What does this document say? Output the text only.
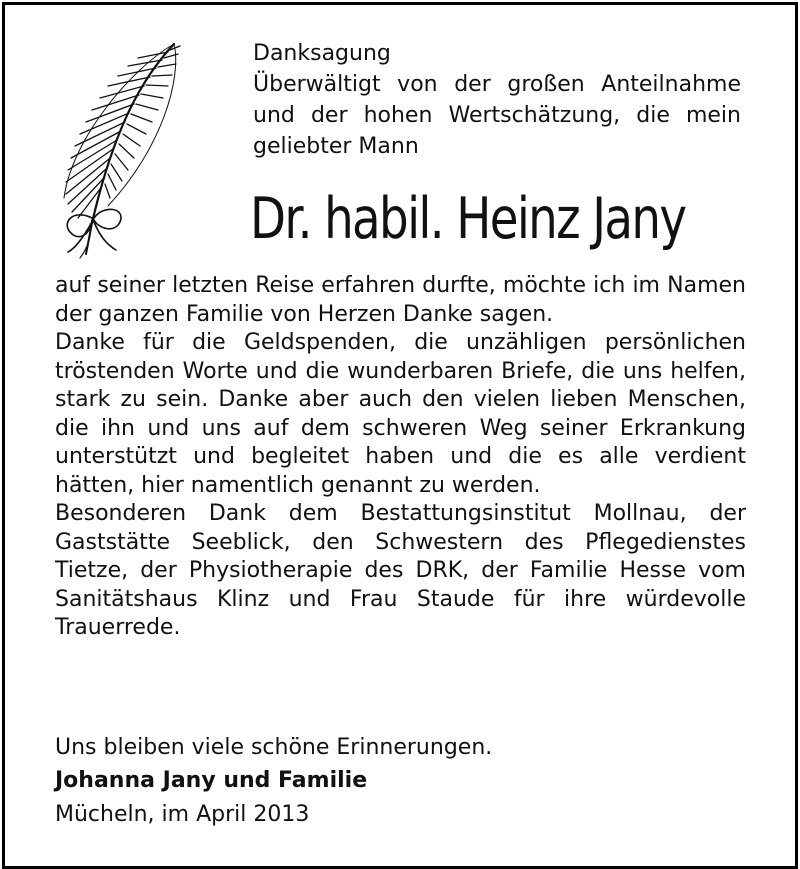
Danksagung

Überwältigt von der großen Anteilnahme und der hohen Wertschätzung, die mein geliebter Mann

Dr. habil. Heinz Jany

auf seiner letzten Reise erfahren durfte, möchte ich im Namen der ganzen Familie von Herzen Danke sagen.

Danke für die Geldspenden, die unzähligen persönlichen tröstenden Worte und die wunderbaren Briefe, die uns helfen, stark zu sein. Danke aber auch den vielen lieben Menschen, die ihn und uns auf dem schweren Weg seiner Erkrankung unterstützt und begleitet haben und die es alle verdient hätten, hier namentlich genannt zu werden.

Besonderen Dank dem Bestattungsinstitut Mollnau, der Gaststätte Seeblick, den Schwestern des Pflegedienstes Tietze, der Physiotherapie des DRK, der Familie Hesse vom Sanitätshaus Klinz und Frau Staude für ihre würdevolle Trauerrede.

Uns bleiben viele schöne Erinnerungen.

Johanna Jany und Familie

Mücheln, im April 2013
